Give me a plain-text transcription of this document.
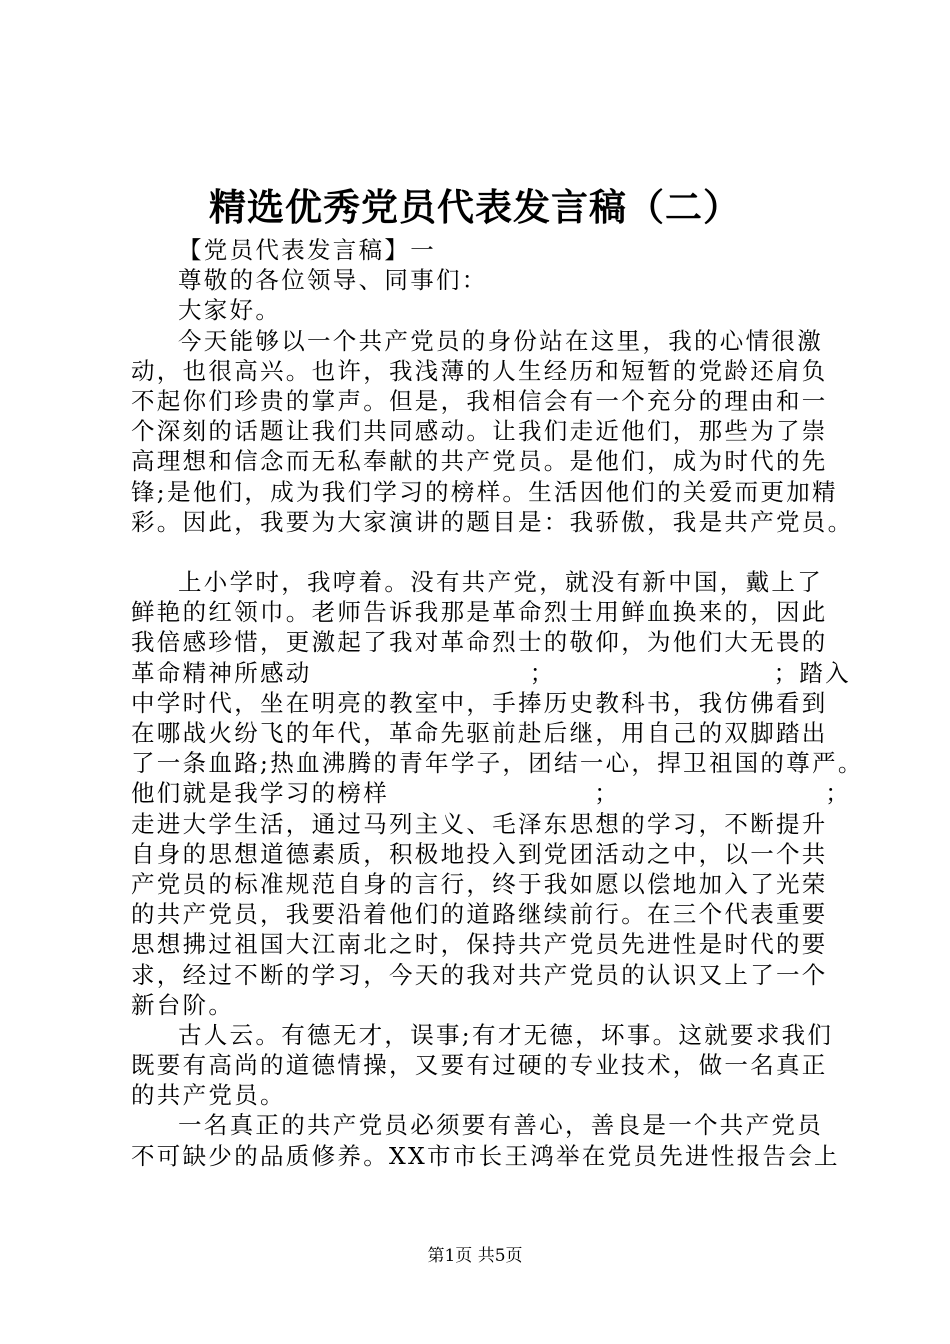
精选优秀党员代表发言稿（二）
【党员代表发言稿】一
尊敬的各位领导、同事们：
大家好。
今天能够以一个共产党员的身份站在这里，我的心情很激
动，也很高兴。也许，我浅薄的人生经历和短暂的党龄还肩负
不起你们珍贵的掌声。但是，我相信会有一个充分的理由和一
个深刻的话题让我们共同感动。让我们走近他们，那些为了崇
高理想和信念而无私奉献的共产党员。是他们，成为时代的先
锋;是他们，成为我们学习的榜样。生活因他们的关爱而更加精
彩。因此，我要为大家演讲的题目是：我骄傲，我是共产党员。
上小学时，我哼着。没有共产党，就没有新中国，戴上了
鲜艳的红领巾。老师告诉我那是革命烈士用鲜血换来的，因此
我倍感珍惜，更激起了我对革命烈士的敬仰，为他们大无畏的
革命精神所感动	；	；踏入
中学时代，坐在明亮的教室中，手捧历史教科书，我仿佛看到
在哪战火纷飞的年代，革命先驱前赴后继，用自己的双脚踏出
了一条血路;热血沸腾的青年学子，团结一心，捍卫祖国的尊严。
他们就是我学习的榜样	；	；
走进大学生活，通过马列主义、毛泽东思想的学习，不断提升
自身的思想道德素质，积极地投入到党团活动之中，以一个共
产党员的标准规范自身的言行，终于我如愿以偿地加入了光荣
的共产党员，我要沿着他们的道路继续前行。在三个代表重要
思想拂过祖国大江南北之时，保持共产党员先进性是时代的要
求，经过不断的学习，今天的我对共产党员的认识又上了一个
新台阶。
古人云。有德无才，误事;有才无德，坏事。这就要求我们
既要有高尚的道德情操，又要有过硬的专业技术，做一名真正
的共产党员。
一名真正的共产党员必须要有善心，善良是一个共产党员
不可缺少的品质修养。XX市市长王鸿举在党员先进性报告会上
第1页 共5页
